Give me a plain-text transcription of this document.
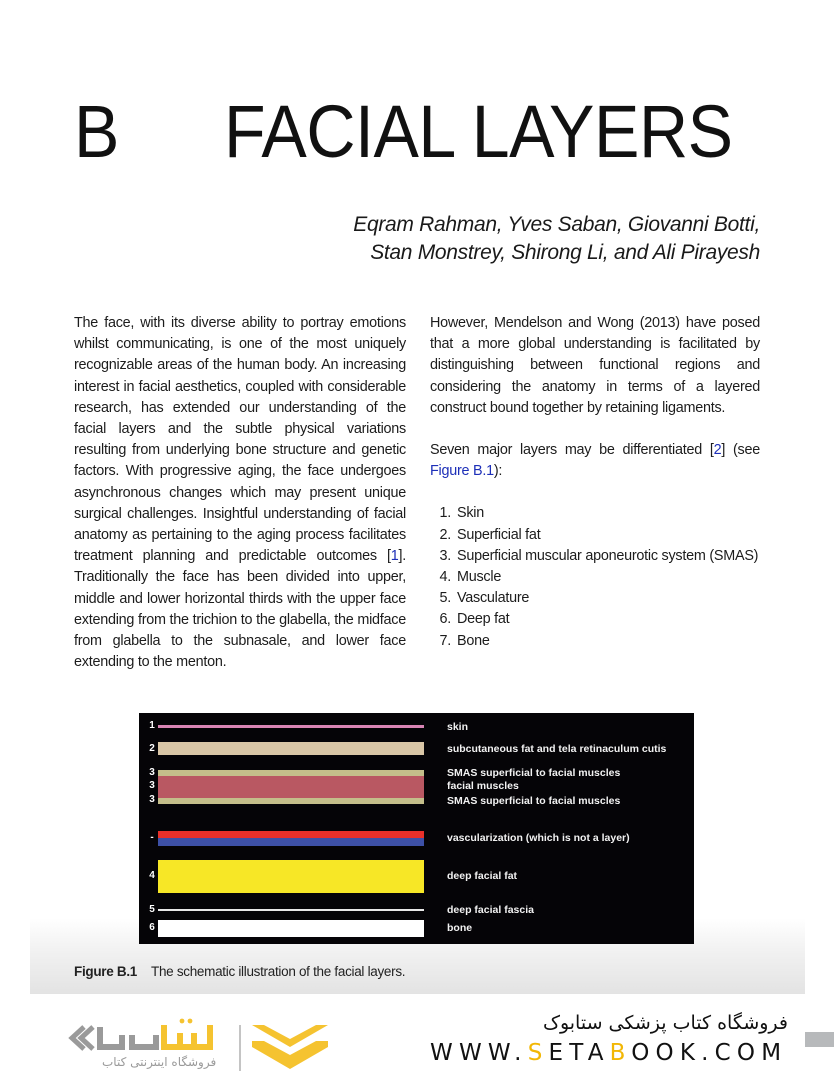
B FACIAL LAYERS
Eqram Rahman, Yves Saban, Giovanni Botti,
Stan Monstrey, Shirong Li, and Ali Pirayesh

The face, with its diverse ability to portray emotions whilst communicating, is one of the most uniquely recognizable areas of the human body. An increasing interest in facial aesthetics, coupled with considerable research, has extended our understanding of the facial layers and the subtle physical variations resulting from underlying bone structure and genetic factors. With progressive aging, the face undergoes asynchronous changes which may present unique surgical challenges. Insightful understanding of facial anatomy as pertaining to the aging process facilitates treatment planning and predictable outcomes [1]. Traditionally the face has been divided into upper, middle and lower horizontal thirds with the upper face extending from the trichion to the glabella, the midface from glabella to the subnasale, and lower face extending to the menton.

However, Mendelson and Wong (2013) have posed that a more global understanding is facilitated by distinguishing between functional regions and considering the anatomy in terms of a layered construct bound together by retaining ligaments.

Seven major layers may be differentiated [2] (see Figure B.1):

1. Skin
2. Superficial fat
3. Superficial muscular aponeurotic system (SMAS)
4. Muscle
5. Vasculature
6. Deep fat
7. Bone
1	skin
2	subcutaneous fat and tela retinaculum cutis
3
3
3
SMAS superficial to facial muscles
facial muscles
SMAS superficial to facial muscles
-	vascularization (which is not a layer)
4	deep facial fat
5	deep facial fascia
6	bone
Figure B.1 The schematic illustration of the facial layers.
فروشگاه اینترنتی کتاب
فروشگاه کتاب پزشکی ستابوک
WWW.SETABOOK.COM
